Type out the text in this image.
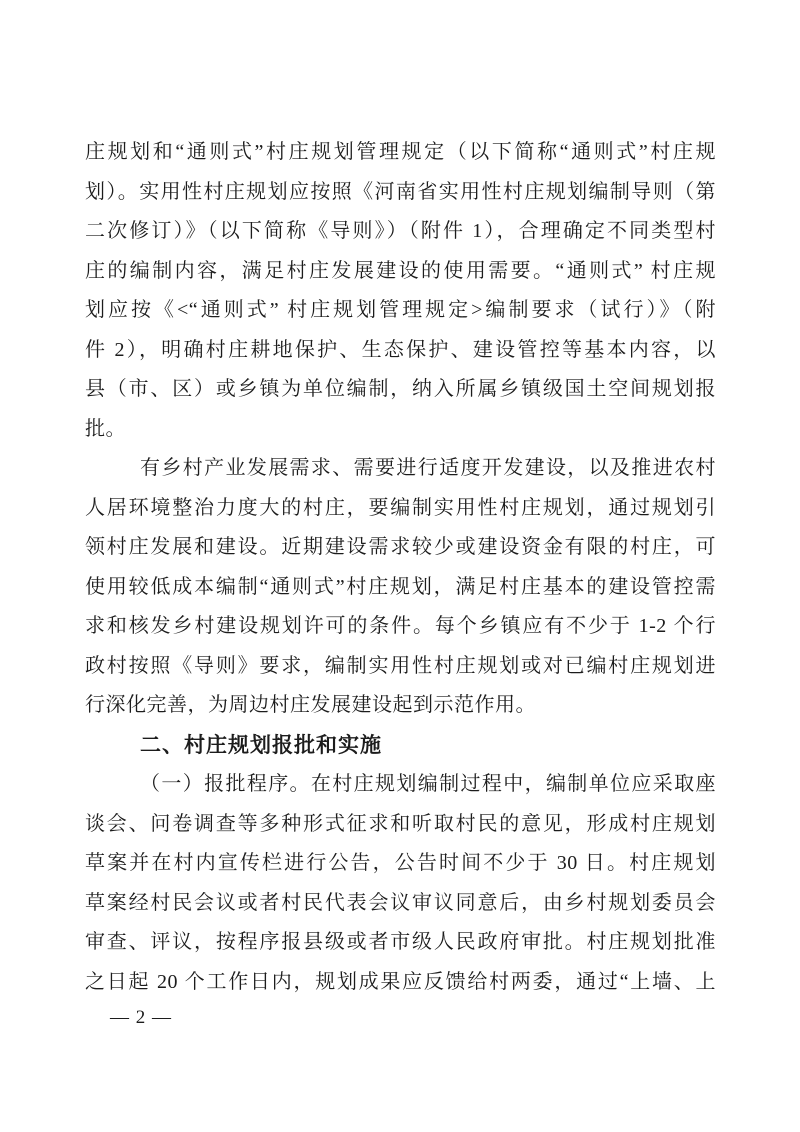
庄规划和“通则式”村庄规划管理规定（以下简称“通则式”村庄规
划）。实用性村庄规划应按照《河南省实用性村庄规划编制导则（第
二次修订）》（以下简称《导则》）（附件 1），合理确定不同类型村
庄的编制内容，满足村庄发展建设的使用需要。“通则式” 村庄规
划应按《<“通则式” 村庄规划管理规定>编制要求（试行）》（附
件 2），明确村庄耕地保护、生态保护、建设管控等基本内容，以
县（市、区）或乡镇为单位编制，纳入所属乡镇级国土空间规划报
批。
有乡村产业发展需求、需要进行适度开发建设，以及推进农村
人居环境整治力度大的村庄，要编制实用性村庄规划，通过规划引
领村庄发展和建设。近期建设需求较少或建设资金有限的村庄，可
使用较低成本编制“通则式”村庄规划，满足村庄基本的建设管控需
求和核发乡村建设规划许可的条件。每个乡镇应有不少于 1-2 个行
政村按照《导则》要求，编制实用性村庄规划或对已编村庄规划进
行深化完善，为周边村庄发展建设起到示范作用。
二、村庄规划报批和实施
（一）报批程序。在村庄规划编制过程中，编制单位应采取座
谈会、问卷调查等多种形式征求和听取村民的意见，形成村庄规划
草案并在村内宣传栏进行公告，公告时间不少于 30 日。村庄规划
草案经村民会议或者村民代表会议审议同意后，由乡村规划委员会
审查、评议，按程序报县级或者市级人民政府审批。村庄规划批准
之日起 20 个工作日内，规划成果应反馈给村两委，通过“上墙、上
— 2 —
